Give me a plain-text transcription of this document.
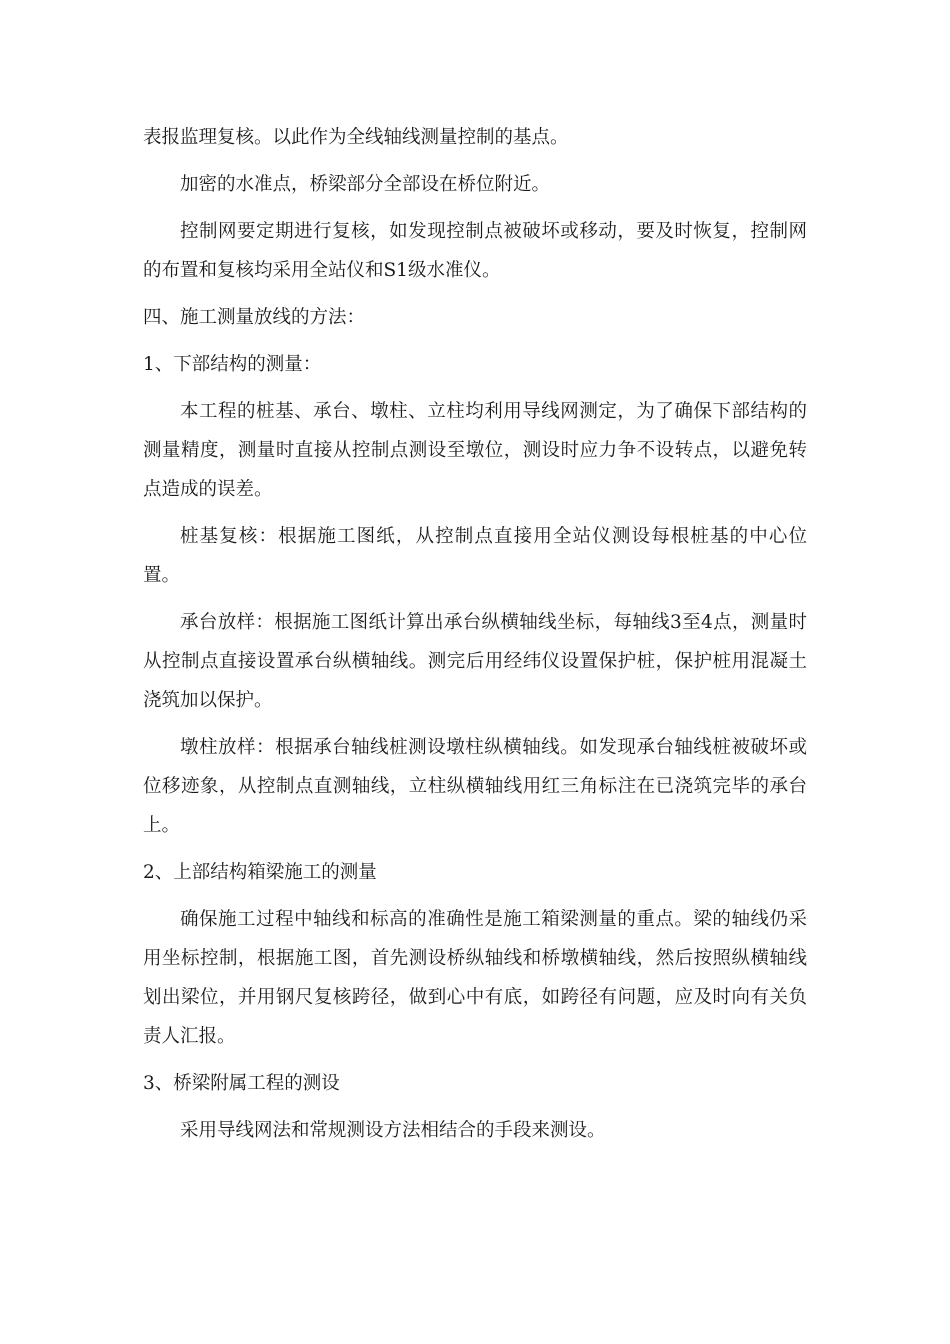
表报监理复核。以此作为全线轴线测量控制的基点。

加密的水准点，桥梁部分全部设在桥位附近。

控制网要定期进行复核，如发现控制点被破坏或移动，要及时恢复，控制网的布置和复核均采用全站仪和S1级水准仪。

四、施工测量放线的方法：

1、下部结构的测量：

本工程的桩基、承台、墩柱、立柱均利用导线网测定，为了确保下部结构的测量精度，测量时直接从控制点测设至墩位，测设时应力争不设转点，以避免转点造成的误差。

桩基复核：根据施工图纸，从控制点直接用全站仪测设每根桩基的中心位置。

承台放样：根据施工图纸计算出承台纵横轴线坐标，每轴线3至4点，测量时从控制点直接设置承台纵横轴线。测完后用经纬仪设置保护桩，保护桩用混凝土浇筑加以保护。

墩柱放样：根据承台轴线桩测设墩柱纵横轴线。如发现承台轴线桩被破坏或位移迹象，从控制点直测轴线，立柱纵横轴线用红三角标注在已浇筑完毕的承台上。

2、上部结构箱梁施工的测量

确保施工过程中轴线和标高的准确性是施工箱梁测量的重点。梁的轴线仍采用坐标控制，根据施工图，首先测设桥纵轴线和桥墩横轴线，然后按照纵横轴线划出梁位，并用钢尺复核跨径，做到心中有底，如跨径有问题，应及时向有关负责人汇报。

3、桥梁附属工程的测设

采用导线网法和常规测设方法相结合的手段来测设。
